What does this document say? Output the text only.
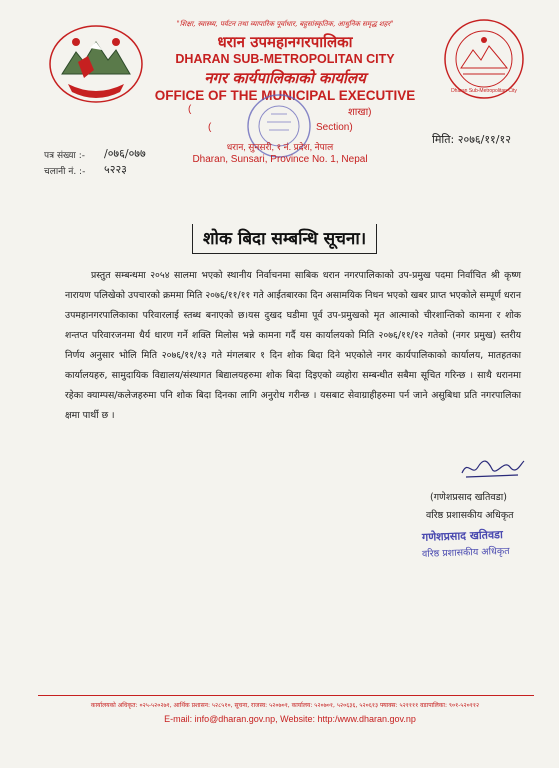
Dharan Sub-Metropolitan City
"शिक्षा, स्वास्थ्य, पर्यटन तथा व्यापारिक पूर्वाधार, बहुसांस्कृतिक, आधुनिक समृद्ध शहर"
धरान उपमहानगरपालिका
DHARAN SUB-METROPOLITAN CITY
नगर कार्यपालिकाको कार्यालय
OFFICE OF THE MUNICIPAL EXECUTIVE
(	शाखा)
(	Section)
धरान, सुनसरी, १ नं. प्रदेश, नेपाल
Dharan, Sunsari, Province No. 1, Nepal
पत्र संख्या :- /०७६/०७७
चलानी नं. :- ५२२३
मिति: २०७६/११/१२
शोक बिदा सम्बन्धि सूचना।
प्रस्तुत सम्बन्धमा २०५४ सालमा भएको स्थानीय निर्वाचनमा साबिक धरान नगरपालिकाको उप-प्रमुख पदमा निर्वाचित श्री कृष्ण नारायण पलिखेको उपचारको क्रममा मिति २०७६/११/११ गते आईतबारका दिन असामयिक निधन भएको खबर प्राप्त भएकोले सम्पूर्ण धरान उपमहानगरपालिकाका परिवारलाई स्तब्ध बनाएको छ।यस दुखद घडीमा पूर्व उप-प्रमुखको मृत आत्माको चीरशान्तिको कामना र शोक शन्तप्त परिवारजनमा धैर्य धारण गर्ने शक्ति मिलोस भन्ने कामना गर्दै यस कार्यालयको मिति २०७६/११/१२ गतेको (नगर प्रमुख) स्तरीय निर्णय अनुसार भोलि मिति २०७६/११/१३ गते मंगलबार १ दिन शोक बिदा दिने भएकोले नगर कार्यपालिकाको कार्यालय, मातहतका कार्यालयहरु, सामुदायिक विद्यालय/संस्थागत बिद्यालयहरुमा शोक बिदा दिइएको व्यहोरा सम्बन्धीत सबैमा सूचित गरिन्छ । साथै धरानमा रहेका क्याम्पस/कलेजहरुमा पनि शोक बिदा दिनका लागि अनुरोध गरीन्छ । यसबाट सेवाग्राहीहरुमा पर्न जाने असुबिधा प्रति नगरपालिका क्षमा पार्थी छ ।
(गणेशप्रसाद खतिवडा)
वरिष्ठ प्रशासकीय अधिकृत
गणेशप्रसाद खतिवडा
वरिष्ठ प्रशासकीय अधिकृत
कार्यालयको अधिकृत: ०२५-५२०२७१, आर्थिक प्रशासन: ५२८५१०, सूचना, राजस्व: ५२०७०१, कार्यालय: ५२०७०१, ५२०६३६, ५२०६१३ फ्याक्स: ५२११११ वडापालिका: ९०१-५२०११२
E-mail: info@dharan.gov.np, Website: http:/www.dharan.gov.np
